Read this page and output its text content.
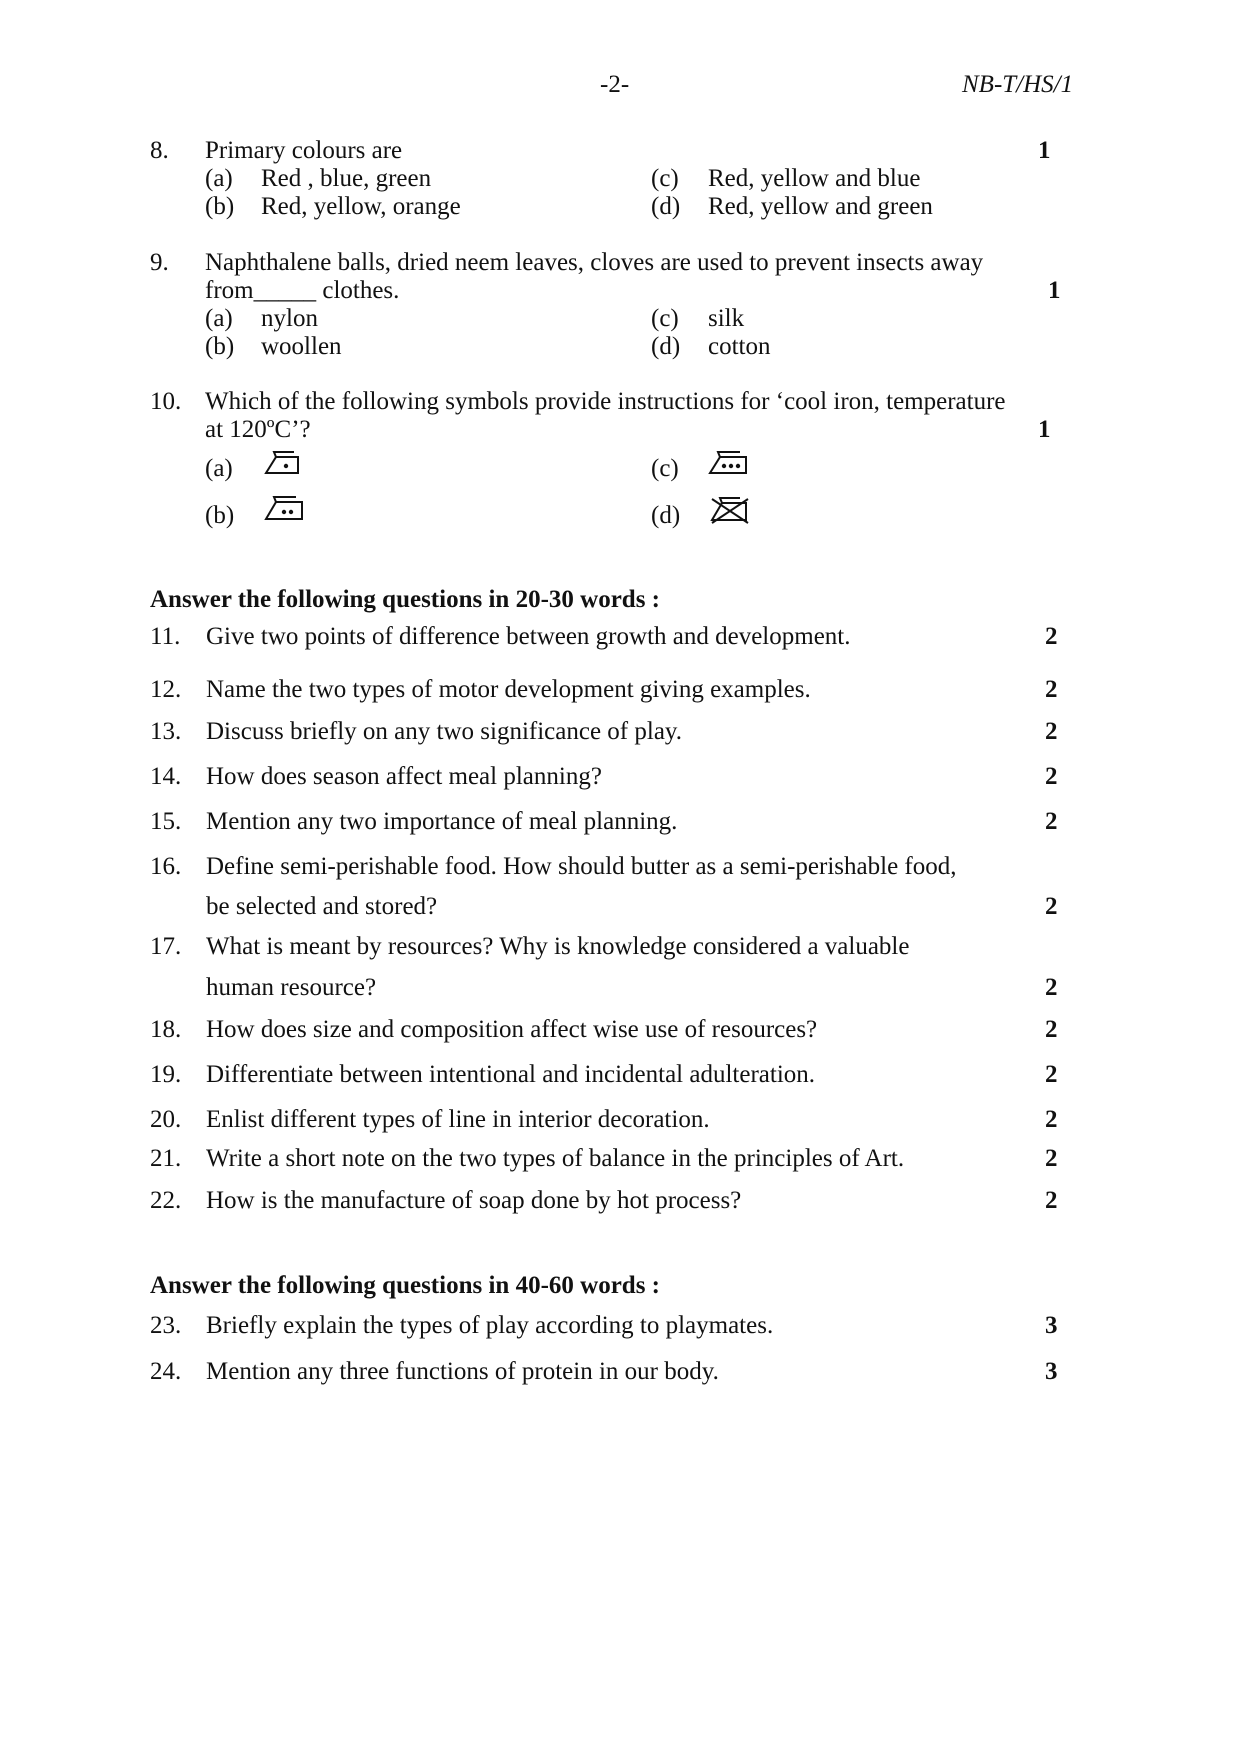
-2-	NB-T/HS/1
8. Primary colours are	1
(a) Red , blue, green
(b) Red, yellow, orange
(c) Red, yellow and blue
(d) Red, yellow and green
9. Naphthalene balls, dried neem leaves, cloves are used to prevent insects away
from_____ clothes.	1
(a) nylon
(b) woollen
(c) silk
(d) cotton
10. Which of the following symbols provide instructions for ‘cool iron, temperature
at 120ºC’?	1
(a)
(b)
(c)
(d)
Answer the following questions in 20-30 words :
11. Give two points of difference between growth and development.	2
12. Name the two types of motor development giving examples.	2
13. Discuss briefly on any two significance of play.	2
14. How does season affect meal planning?	2
15. Mention any two importance of meal planning.	2
16. Define semi-perishable food. How should butter as a semi-perishable food,
be selected and stored?	2
17. What is meant by resources? Why is knowledge considered a valuable
human resource?	2
18. How does size and composition affect wise use of resources?	2
19. Differentiate between intentional and incidental adulteration.	2
20. Enlist different types of line in interior decoration.	2
21. Write a short note on the two types of balance in the principles of Art.	2
22. How is the manufacture of soap done by hot process?	2
Answer the following questions in 40-60 words :
23. Briefly explain the types of play according to playmates.	3
24. Mention any three functions of protein in our body.	3
